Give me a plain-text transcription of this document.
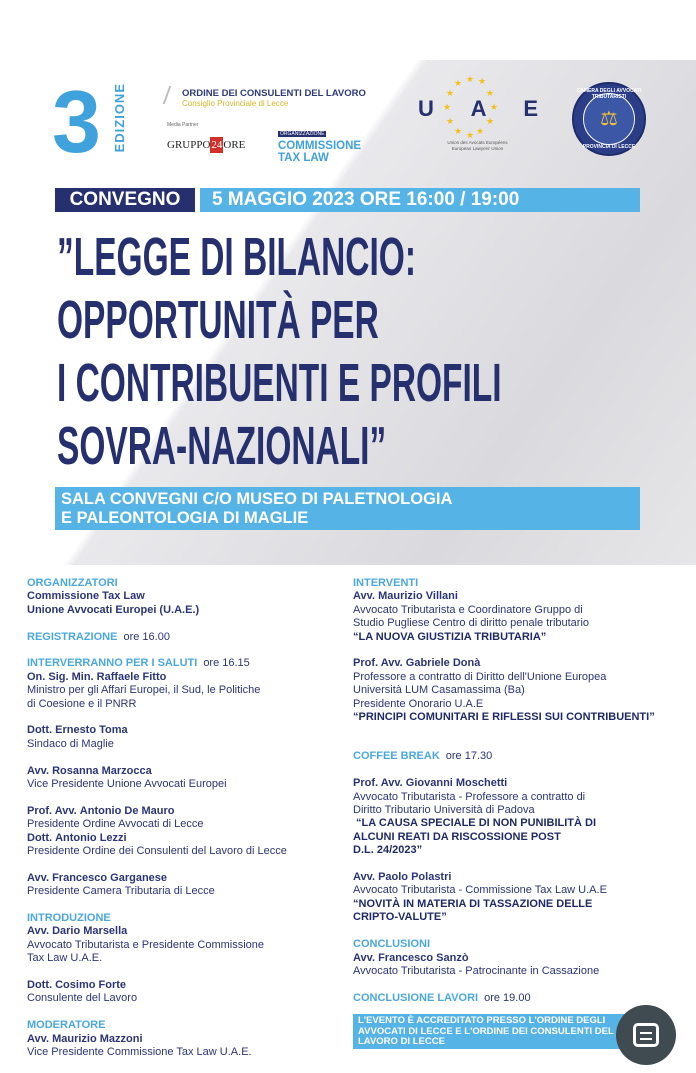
3 EDIZIONE	ORDINE DEI CONSULENTI DEL LAVORO
Consiglio Provinciale di Lecce
Media Partner
GRUPPO24ORE
ORGANIZZAZIONE
COMMISSIONE
TAX LAW
★ ★
★
★	★
★	★
★	★
★ ★
★
U A E
Union des Avocats Européens
European Lawyers' Union
CAMERA DEGLI AVVOCATI TRIBUTARISTI
⚖
PROVINCIA DI LECCE
CONVEGNO	5 MAGGIO 2023 ORE 16:00 / 19:00
”LEGGE DI BILANCIO:
OPPORTUNITÀ PER
I CONTRIBUENTI E PROFILI
SOVRA-NAZIONALI”
SALA CONVEGNI C/O MUSEO DI PALETNOLOGIA
E PALEONTOLOGIA DI MAGLIE
ORGANIZZATORI
Commissione Tax Law
Unione Avvocati Europei (U.A.E.)
REGISTRAZIONE ore 16.00
INTERVERRANNO PER I SALUTI ore 16.15
On. Sig. Min. Raffaele Fitto
Ministro per gli Affari Europei, il Sud, le Politiche
di Coesione e il PNRR
Dott. Ernesto Toma
Sindaco di Maglie
Avv. Rosanna Marzocca
Vice Presidente Unione Avvocati Europei
Prof. Avv. Antonio De Mauro
Presidente Ordine Avvocati di Lecce
Dott. Antonio Lezzi
Presidente Ordine dei Consulenti del Lavoro di Lecce
Avv. Francesco Garganese
Presidente Camera Tributaria di Lecce
INTRODUZIONE
Avv. Dario Marsella
Avvocato Tributarista e Presidente Commissione
Tax Law U.A.E.
Dott. Cosimo Forte
Consulente del Lavoro
MODERATORE
Avv. Maurizio Mazzoni
Vice Presidente Commissione Tax Law U.A.E.
INTERVENTI
Avv. Maurizio Villani
Avvocato Tributarista e Coordinatore Gruppo di
Studio Pugliese Centro di diritto penale tributario
“LA NUOVA GIUSTIZIA TRIBUTARIA”
Prof. Avv. Gabriele Donà
Professore a contratto di Diritto dell'Unione Europea
Università LUM Casamassima (Ba)
Presidente Onorario U.A.E
“PRINCIPI COMUNITARI E RIFLESSI SUI CONTRIBUENTI”
COFFEE BREAK ore 17.30
Prof. Avv. Giovanni Moschetti
Avvocato Tributarista - Professore a contratto di
Diritto Tributario Università di Padova
“LA CAUSA SPECIALE DI NON PUNIBILITÀ DI
ALCUNI REATI DA RISCOSSIONE POST
D.L. 24/2023”
Avv. Paolo Polastri
Avvocato Tributarista - Commissione Tax Law U.A.E
“NOVITÀ IN MATERIA DI TASSAZIONE DELLE
CRIPTO-VALUTE”
CONCLUSIONI
Avv. Francesco Sanzò
Avvocato Tributarista - Patrocinante in Cassazione
CONCLUSIONE LAVORI ore 19.00
L'EVENTO È ACCREDITATO PRESSO L'ORDINE DEGLI
AVVOCATI DI LECCE E L'ORDINE DEI CONSULENTI DEL
LAVORO DI LECCE
